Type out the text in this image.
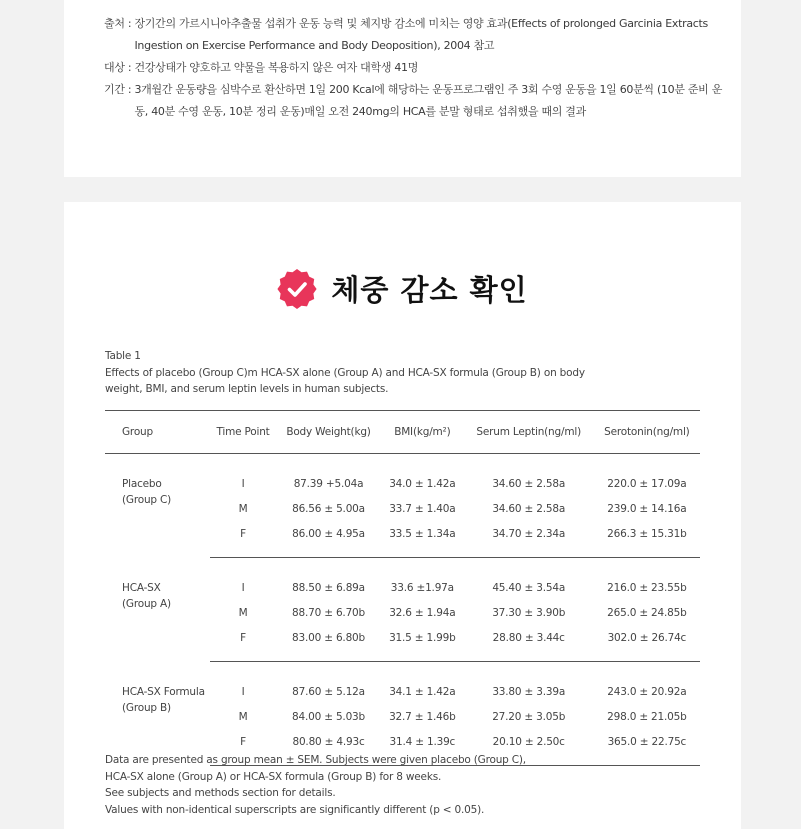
출처 : 장기간의 가르시니아추출물 섭취가 운동 능력 및 체지방 감소에 미치는 영양 효과(Effects of prolonged Garcinia Extracts Ingestion on Exercise Performance and Body Deoposition), 2004 참고
대상 : 건강상태가 양호하고 약물을 복용하지 않은 여자 대학생 41명
기간 : 3개월간 운동량을 심박수로 환산하면 1일 200 Kcal에 해당하는 운동프로그램인 주 3회 수영 운동을 1일 60분씩 (10분 준비 운동, 40분 수영 운동, 10분 정리 운동)매일 오전 240mg의 HCA를 분말 형태로 섭취했을 때의 결과
체중 감소 확인
Table 1
Effects of placebo (Group C)m HCA-SX alone (Group A) and HCA-SX formula (Group B) on body weight, BMI, and serum leptin levels in human subjects.
Group	Time Point	Body Weight(kg)	BMI(kg/m²)	Serum Leptin(ng/ml)	Serotonin(ng/ml)

Placebo
(Group C)	I	87.39 +5.04a	34.0 ± 1.42a	34.60 ± 2.58a	220.0 ± 17.09a
	M	86.56 ± 5.00a	33.7 ± 1.40a	34.60 ± 2.58a	239.0 ± 14.16a
	F	86.00 ± 4.95a	33.5 ± 1.34a	34.70 ± 2.34a	266.3 ± 15.31b

HCA-SX
(Group A)	I	88.50 ± 6.89a	33.6 ±1.97a	45.40 ± 3.54a	216.0 ± 23.55b
	M	88.70 ± 6.70b	32.6 ± 1.94a	37.30 ± 3.90b	265.0 ± 24.85b
	F	83.00 ± 6.80b	31.5 ± 1.99b	28.80 ± 3.44c	302.0 ± 26.74c

HCA-SX Formula
(Group B)	I	87.60 ± 5.12a	34.1 ± 1.42a	33.80 ± 3.39a	243.0 ± 20.92a
	M	84.00 ± 5.03b	32.7 ± 1.46b	27.20 ± 3.05b	298.0 ± 21.05b
	F	80.80 ± 4.93c	31.4 ± 1.39c	20.10 ± 2.50c	365.0 ± 22.75c
Data are presented as group mean ± SEM. Subjects were given placebo (Group C),
HCA-SX alone (Group A) or HCA-SX formula (Group B) for 8 weeks.
See subjects and methods section for details.
Values with non-identical superscripts are significantly different (p < 0.05).
